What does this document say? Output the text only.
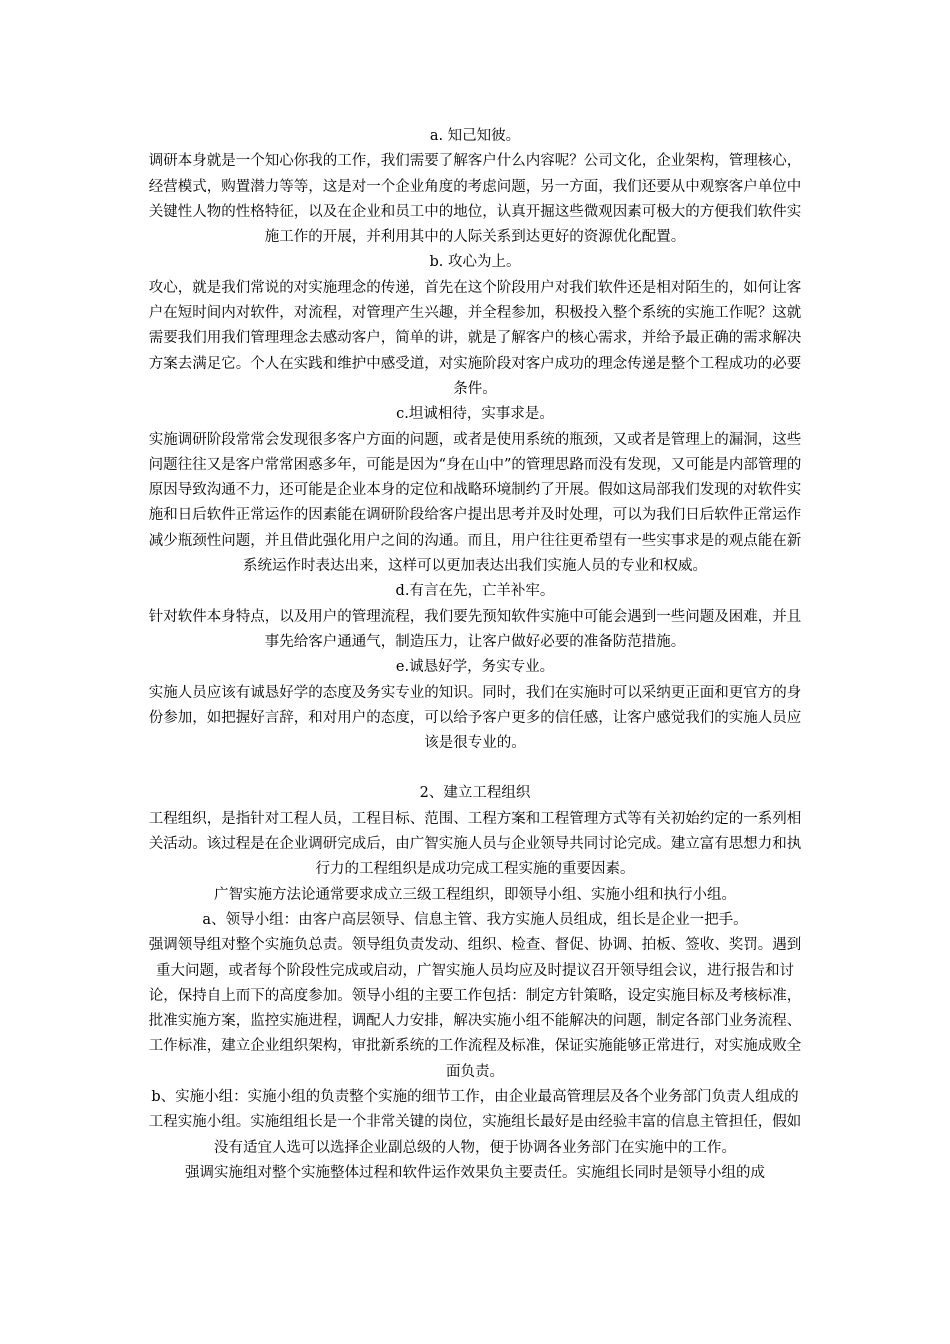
a. 知己知彼。

调研本身就是一个知心你我的工作，我们需要了解客户什么内容呢？公司文化，企业架构，管理核心，经营模式，购置潜力等等，这是对一个企业角度的考虑问题，另一方面，我们还要从中观察客户单位中关键性人物的性格特征，以及在企业和员工中的地位，认真开掘这些微观因素可极大的方便我们软件实施工作的开展，并利用其中的人际关系到达更好的资源优化配置。

b. 攻心为上。

攻心，就是我们常说的对实施理念的传递，首先在这个阶段用户对我们软件还是相对陌生的，如何让客户在短时间内对软件，对流程，对管理产生兴趣，并全程参加，积极投入整个系统的实施工作呢？这就需要我们用我们管理理念去感动客户，简单的讲，就是了解客户的核心需求，并给予最正确的需求解决方案去满足它。个人在实践和维护中感受道，对实施阶段对客户成功的理念传递是整个工程成功的必要条件。

c.坦诚相待，实事求是。

实施调研阶段常常会发现很多客户方面的问题，或者是使用系统的瓶颈，又或者是管理上的漏洞，这些问题往往又是客户常常困惑多年，可能是因为“身在山中”的管理思路而没有发现，又可能是内部管理的原因导致沟通不力，还可能是企业本身的定位和战略环境制约了开展。假如这局部我们发现的对软件实施和日后软件正常运作的因素能在调研阶段给客户提出思考并及时处理，可以为我们日后软件正常运作减少瓶颈性问题，并且借此强化用户之间的沟通。而且，用户往往更希望有一些实事求是的观点能在新系统运作时表达出来，这样可以更加表达出我们实施人员的专业和权威。

d.有言在先，亡羊补牢。

针对软件本身特点，以及用户的管理流程，我们要先预知软件实施中可能会遇到一些问题及困难，并且事先给客户通通气，制造压力，让客户做好必要的准备防范措施。

e.诚恳好学，务实专业。

实施人员应该有诚恳好学的态度及务实专业的知识。同时，我们在实施时可以采纳更正面和更官方的身份参加，如把握好言辞，和对用户的态度，可以给予客户更多的信任感，让客户感觉我们的实施人员应该是很专业的。

2、建立工程组织

工程组织，是指针对工程人员，工程目标、范围、工程方案和工程管理方式等有关初始约定的一系列相关活动。该过程是在企业调研完成后，由广智实施人员与企业领导共同讨论完成。建立富有思想力和执行力的工程组织是成功完成工程实施的重要因素。

广智实施方法论通常要求成立三级工程组织，即领导小组、实施小组和执行小组。

a、领导小组：由客户高层领导、信息主管、我方实施人员组成，组长是企业一把手。

强调领导组对整个实施负总责。领导组负责发动、组织、检查、督促、协调、拍板、签收、奖罚。遇到重大问题，或者每个阶段性完成或启动，广智实施人员均应及时提议召开领导组会议，进行报告和讨论，保持自上而下的高度参加。领导小组的主要工作包括：制定方针策略，设定实施目标及考核标准，批准实施方案，监控实施进程，调配人力安排，解决实施小组不能解决的问题，制定各部门业务流程、工作标准，建立企业组织架构，审批新系统的工作流程及标准，保证实施能够正常进行，对实施成败全面负责。

b、实施小组：实施小组的负责整个实施的细节工作，由企业最高管理层及各个业务部门负责人组成的工程实施小组。实施组组长是一个非常关键的岗位，实施组长最好是由经验丰富的信息主管担任，假如没有适宜人选可以选择企业副总级的人物，便于协调各业务部门在实施中的工作。

强调实施组对整个实施整体过程和软件运作效果负主要责任。实施组长同时是领导小组的成
